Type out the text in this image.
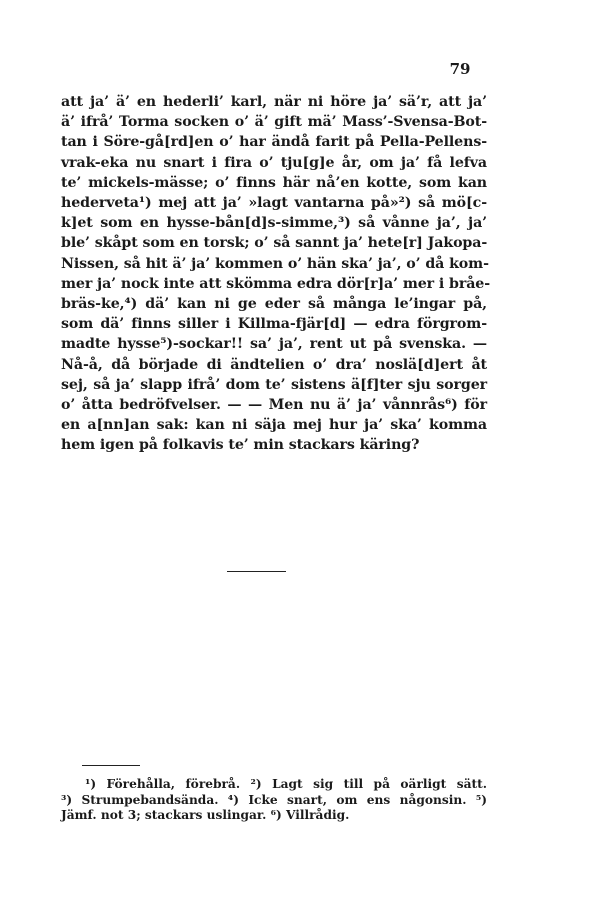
79
att ja’ ä’ en hederli’ karl, när ni höre ja’ sä’r, att ja’
ä’ ifrå’ Torma socken o’ ä’ gift mä’ Mass’-Svensa-Bot-
tan i Söre-gå[rd]en o’ har ändå farit på Pella-Pellens-
vrak-eka nu snart i fira o’ tju[g]e år, om ja’ få lefva
te’ mickels-mässe; o’ finns här nå’en kotte, som kan
hederveta¹) mej att ja’ »lagt vantarna på»²) så mö[c-
k]et som en hysse-bån[d]s-simme,³) så vånne ja’, ja’
ble’ skåpt som en torsk; o’ så sannt ja’ hete[r] Jakopa-
Nissen, så hit ä’ ja’ kommen o’ hän ska’ ja’, o’ då kom-
mer ja’ nock inte att skömma edra dör[r]a’ mer i bråe-
bräs-ke,⁴) dä’ kan ni ge eder så många le’ingar på,
som dä’ finns siller i Killma-fjär[d] — edra förgrom-
madte hysse⁵)-sockar!! sa’ ja’, rent ut på svenska. —
Nå-å, då började di ändtelien o’ dra’ noslä[d]ert åt
sej, så ja’ slapp ifrå’ dom te’ sistens ä[f]ter sju sorger
o’ åtta bedröfvelser. — — Men nu ä’ ja’ vånnrås⁶) för
en a[nn]an sak: kan ni säja mej hur ja’ ska’ komma
hem igen på folkavis te’ min stackars käring?
¹) Förehålla, förebrå. ²) Lagt sig till på oärligt sätt.
³) Strumpebandsända. ⁴) Icke snart, om ens någonsin. ⁵)
Jämf. not 3; stackars uslingar. ⁶) Villrådig.
